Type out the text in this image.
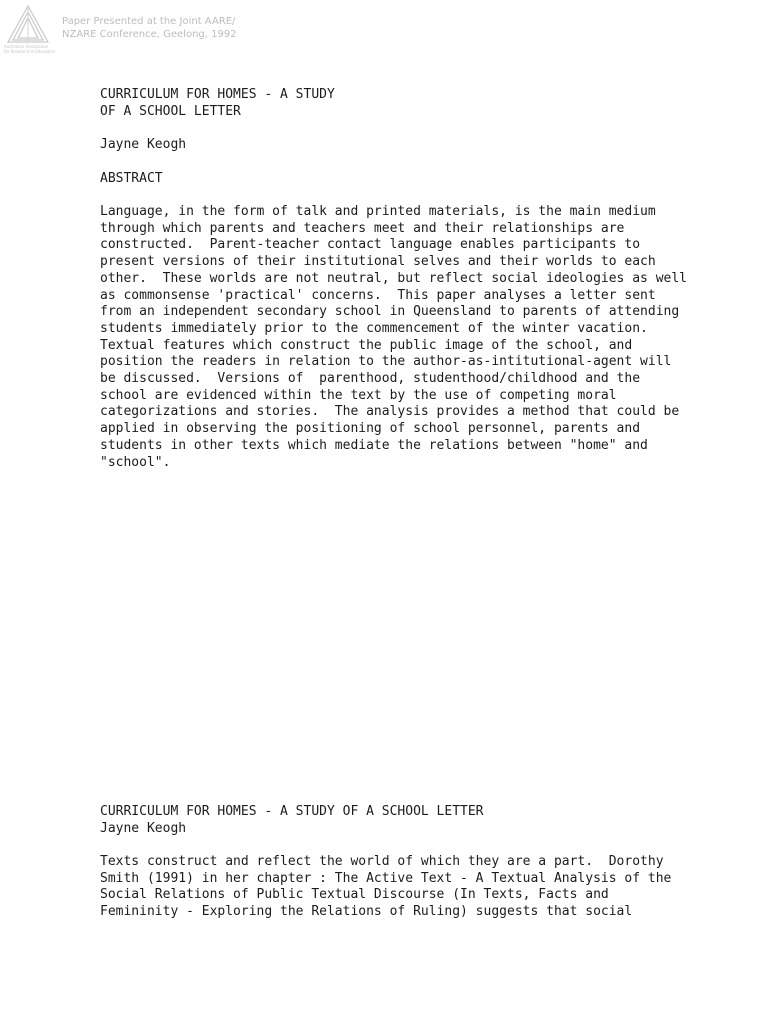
Australian Association
for Research in Education
Paper Presented at the Joint AARE/
NZARE Conference, Geelong, 1992
CURRICULUM FOR HOMES - A STUDY
OF A SCHOOL LETTER
Jayne Keogh
ABSTRACT
Language, in the form of talk and printed materials, is the main medium
through which parents and teachers meet and their relationships are
constructed.  Parent-teacher contact language enables participants to
present versions of their institutional selves and their worlds to each
other.  These worlds are not neutral, but reflect social ideologies as well
as commonsense 'practical' concerns.  This paper analyses a letter sent
from an independent secondary school in Queensland to parents of attending
students immediately prior to the commencement of the winter vacation.
Textual features which construct the public image of the school, and
position the readers in relation to the author-as-intitutional-agent will
be discussed.  Versions of  parenthood, studenthood/childhood and the
school are evidenced within the text by the use of competing moral
categorizations and stories.  The analysis provides a method that could be
applied in observing the positioning of school personnel, parents and
students in other texts which mediate the relations between "home" and
"school".
CURRICULUM FOR HOMES - A STUDY OF A SCHOOL LETTER
Jayne Keogh
Texts construct and reflect the world of which they are a part.  Dorothy
Smith (1991) in her chapter : The Active Text - A Textual Analysis of the
Social Relations of Public Textual Discourse (In Texts, Facts and
Femininity - Exploring the Relations of Ruling) suggests that social
